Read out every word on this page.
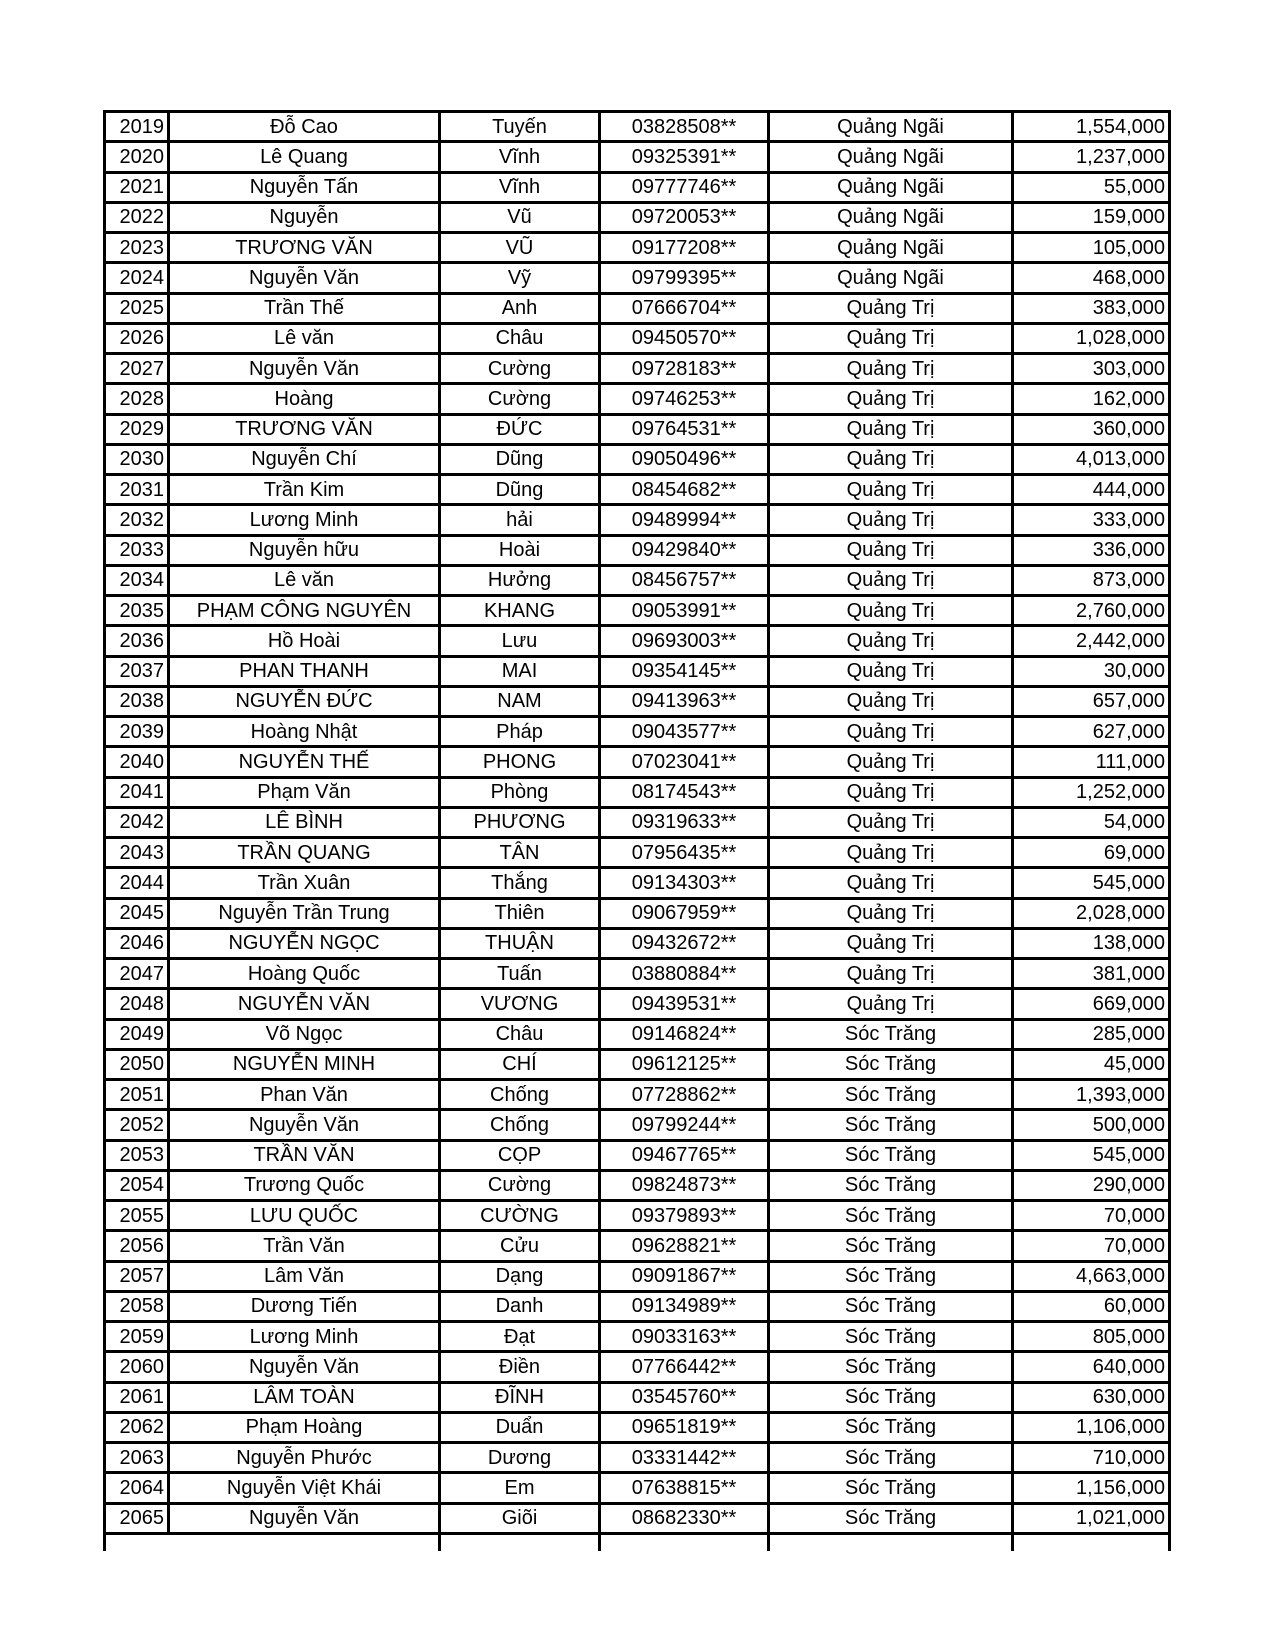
2019	Đỗ Cao	Tuyến	03828508**	Quảng Ngãi	1,554,000
2020	Lê Quang	Vĩnh	09325391**	Quảng Ngãi	1,237,000
2021	Nguyễn Tấn	Vĩnh	09777746**	Quảng Ngãi	55,000
2022	Nguyễn	Vũ	09720053**	Quảng Ngãi	159,000
2023	TRƯƠNG VĂN	VŨ	09177208**	Quảng Ngãi	105,000
2024	Nguyễn Văn	Vỹ	09799395**	Quảng Ngãi	468,000
2025	Trần Thế	Anh	07666704**	Quảng Trị	383,000
2026	Lê văn	Châu	09450570**	Quảng Trị	1,028,000
2027	Nguyễn Văn	Cường	09728183**	Quảng Trị	303,000
2028	Hoàng	Cường	09746253**	Quảng Trị	162,000
2029	TRƯƠNG VĂN	ĐỨC	09764531**	Quảng Trị	360,000
2030	Nguyễn Chí	Dũng	09050496**	Quảng Trị	4,013,000
2031	Trần Kim	Dũng	08454682**	Quảng Trị	444,000
2032	Lương Minh	hải	09489994**	Quảng Trị	333,000
2033	Nguyễn hữu	Hoài	09429840**	Quảng Trị	336,000
2034	Lê văn	Hưởng	08456757**	Quảng Trị	873,000
2035	PHẠM CÔNG NGUYÊN	KHANG	09053991**	Quảng Trị	2,760,000
2036	Hồ Hoài	Lưu	09693003**	Quảng Trị	2,442,000
2037	PHAN THANH	MAI	09354145**	Quảng Trị	30,000
2038	NGUYỄN ĐỨC	NAM	09413963**	Quảng Trị	657,000
2039	Hoàng Nhật	Pháp	09043577**	Quảng Trị	627,000
2040	NGUYỄN THẾ	PHONG	07023041**	Quảng Trị	111,000
2041	Phạm Văn	Phòng	08174543**	Quảng Trị	1,252,000
2042	LÊ BÌNH	PHƯƠNG	09319633**	Quảng Trị	54,000
2043	TRẦN QUANG	TÂN	07956435**	Quảng Trị	69,000
2044	Trần Xuân	Thắng	09134303**	Quảng Trị	545,000
2045	Nguyễn Trần Trung	Thiên	09067959**	Quảng Trị	2,028,000
2046	NGUYỄN NGỌC	THUẬN	09432672**	Quảng Trị	138,000
2047	Hoàng Quốc	Tuấn	03880884**	Quảng Trị	381,000
2048	NGUYỄN VĂN	VƯƠNG	09439531**	Quảng Trị	669,000
2049	Võ Ngọc	Châu	09146824**	Sóc Trăng	285,000
2050	NGUYỄN MINH	CHÍ	09612125**	Sóc Trăng	45,000
2051	Phan Văn	Chống	07728862**	Sóc Trăng	1,393,000
2052	Nguyễn Văn	Chống	09799244**	Sóc Trăng	500,000
2053	TRẦN VĂN	CỌP	09467765**	Sóc Trăng	545,000
2054	Trương Quốc	Cường	09824873**	Sóc Trăng	290,000
2055	LƯU QUỐC	CƯỜNG	09379893**	Sóc Trăng	70,000
2056	Trần Văn	Cửu	09628821**	Sóc Trăng	70,000
2057	Lâm Văn	Dạng	09091867**	Sóc Trăng	4,663,000
2058	Dương Tiến	Danh	09134989**	Sóc Trăng	60,000
2059	Lương Minh	Đạt	09033163**	Sóc Trăng	805,000
2060	Nguyễn Văn	Điền	07766442**	Sóc Trăng	640,000
2061	LÂM TOÀN	ĐĨNH	03545760**	Sóc Trăng	630,000
2062	Phạm Hoàng	Duẩn	09651819**	Sóc Trăng	1,106,000
2063	Nguyễn Phước	Dương	03331442**	Sóc Trăng	710,000
2064	Nguyễn Việt Khái	Em	07638815**	Sóc Trăng	1,156,000
2065	Nguyễn Văn	Giõi	08682330**	Sóc Trăng	1,021,000
